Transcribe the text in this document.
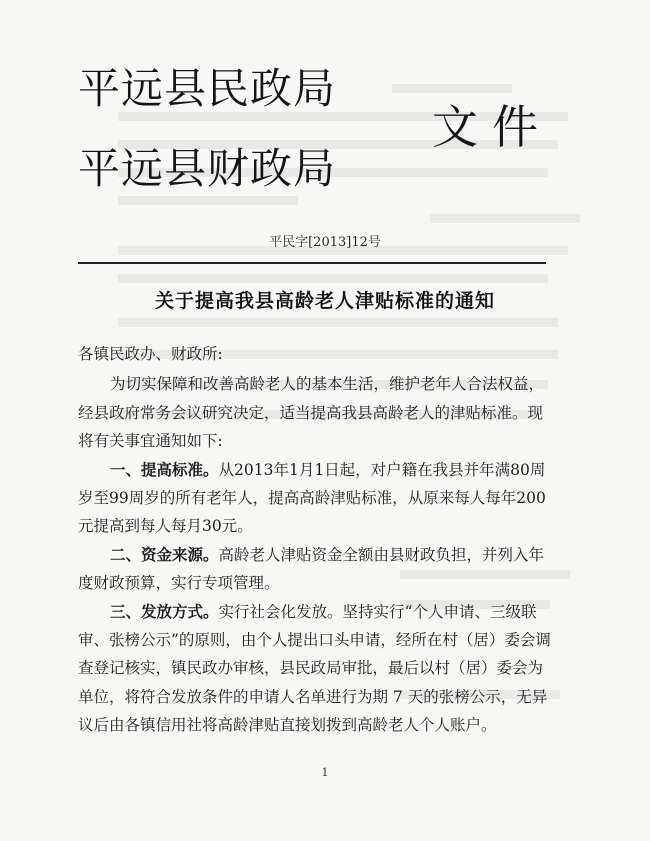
平远县民政局
平远县财政局
文件
平民字[2013]12号
关于提高我县高龄老人津贴标准的通知

各镇民政办、财政所:

为切实保障和改善高龄老人的基本生活，维护老年人合法权益，经县政府常务会议研究决定，适当提高我县高龄老人的津贴标准。现将有关事宜通知如下:

一、提高标准。从2013年1月1日起，对户籍在我县并年满80周岁至99周岁的所有老年人，提高高龄津贴标准，从原来每人每年200元提高到每人每月30元。

二、资金来源。高龄老人津贴资金全额由县财政负担，并列入年度财政预算，实行专项管理。

三、发放方式。实行社会化发放。坚持实行“个人申请、三级联审、张榜公示”的原则，由个人提出口头申请，经所在村（居）委会调查登记核实，镇民政办审核，县民政局审批，最后以村（居）委会为单位，将符合发放条件的申请人名单进行为期 7 天的张榜公示，无异议后由各镇信用社将高龄津贴直接划拨到高龄老人个人账户。

1
